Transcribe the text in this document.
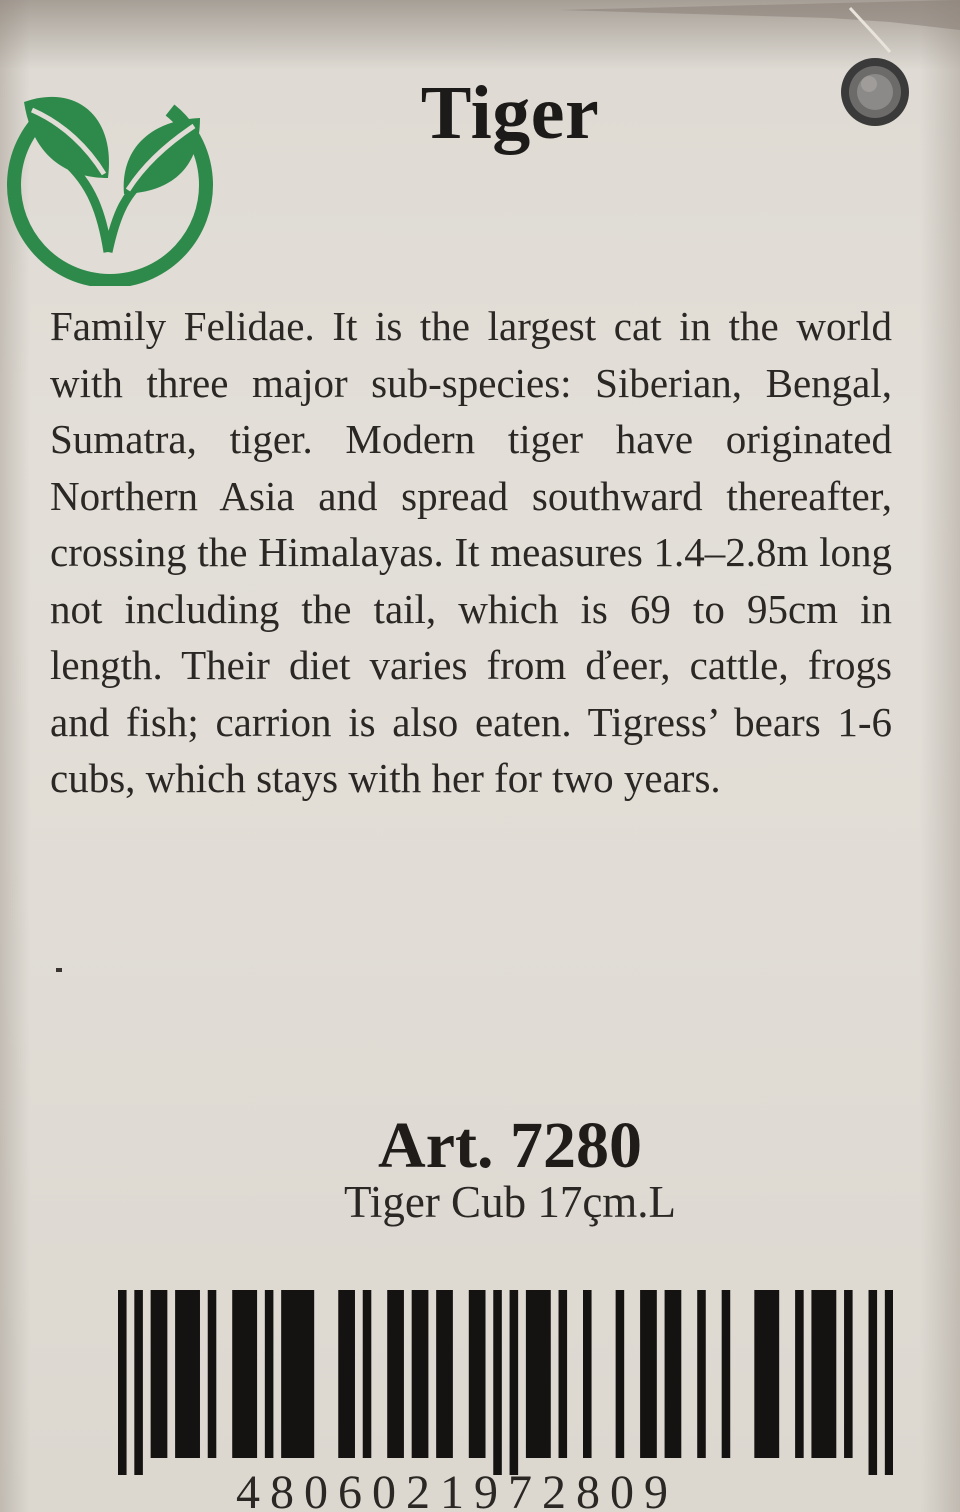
Tiger

Family Felidae. It is the largest cat in the world with three major sub-species: Siberian, Bengal, Sumatra, tiger. Modern tiger have originated Northern Asia and spread southward thereafter, crossing the Himalayas. It measures 1.4–2.8m long not including the tail, which is 69 to 95cm in length. Their diet varies from ďeer, cattle, frogs and fish; carrion is also eaten. Tigress’ bears 1-6 cubs, which stays with her for two years.

Art. 7280

Tiger Cub 17çm.L

4806021972809
